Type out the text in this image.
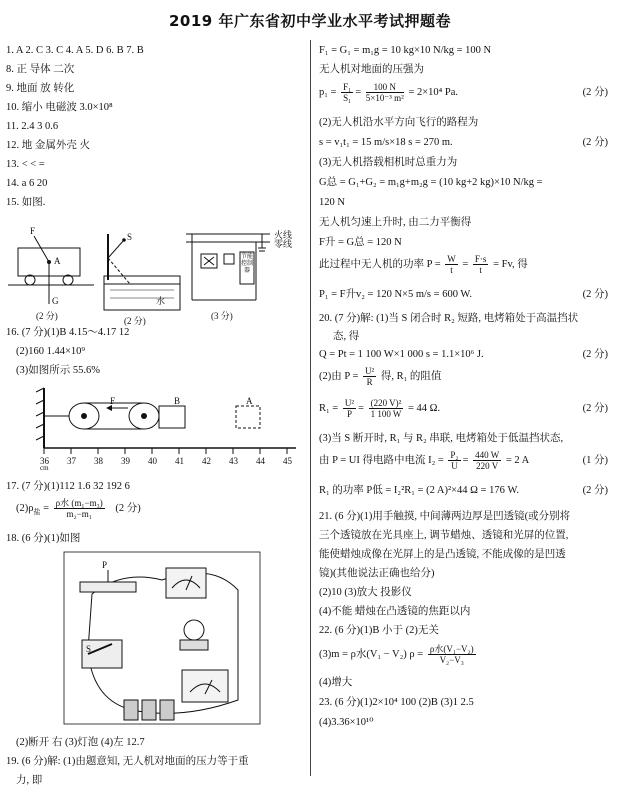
2019 年广东省初中学业水平考试押题卷
1. A 2. C 3. C 4. A 5. D 6. B 7. B
8. 正 导体 二次
9. 地面 放 转化
10. 缩小 电磁波 3.0×10⁸
11. 2.4 3 0.6
12. 地 金属外壳 火
13. < < =
14. a 6 20
15. 如图.
F
A
G
S
水
火线
零线
节能控制器
(2 分)	(2 分)	(3 分)
16. (7 分)(1)B 4.15～4.17 12
(2)160 1.44×10⁹
(3)如图所示 55.6%
F	B	A
36 37 38 39 40 41 42 43 44 45
cm
17. (7 分)(1)112 1.6 32 192 6
$(2)\rho_盐 = \frac{\text{ρ水 (m₁−m₃)}}{\text{m₂−m₁}} (2$ 分)
18. (6 分)(1)如图
P
S
(2)断开 右 (3)灯泡 (4)左 12.7
19. (6 分)解: (1)由题意知, 无人机对地面的压力等于重
力, 即
F₁ = G₁ = m₁g = 10 kg×10 N/kg = 100 N
无人机对地面的压强为
$p_1 = \frac{\text{F₁}}{\text{S₁}} = \frac{100 N}{\text{5×10⁻³ m²}} = 2\times 10^4$ Pa.	(2 分)
(2)无人机沿水平方向飞行的路程为
s = v₁t₁ = 15 m/s×18 s = 270 m.	(2 分)
(3)无人机搭载相机时总重力为
G总 = G₁+G₂ = m₁g+m₂g = (10 kg+2 kg)×10 N/kg =
120 N
无人机匀速上升时, 由二力平衡得
F升 = G总 = 120 N
此过程中无人机的功率 $P = \frac{W}{t} = \frac{F\cdot s}{t} = Fv$, 得
P₁ = F升v₂ = 120 N×5 m/s = 600 W.	(2 分)
20. (7 分)解: (1)当 S 闭合时 R₂ 短路, 电烤箱处于高温挡状
态, 得
Q = Pt = 1 100 W×1 000 s = 1.1×10⁶ J.	(2 分)
(2)由 $P = \frac{\text{U²}}{R}$ 得, R₁ 的阻值
$R_1 = \frac{\text{U²}}{P} = \frac{\text{(220 V)²}}{1 100 W} = 44$ Ω.	(2 分)
(3)当 S 断开时, R₁ 与 R₂ 串联, 电烤箱处于低温挡状态,
由 P = UI 得电路中电流 $I_2 = \frac{\text{P₂}}{U} = \frac{440 W}{220 V} = 2$ A	(1 分)
R₁ 的功率 P低 = I₂²R₁ = (2 A)²×44 Ω = 176 W.	(2 分)
21. (6 分)(1)用手触摸, 中间薄两边厚是凹透镜(或分别将
三个透镜放在光具座上, 调节蜡烛、透镜和光屏的位置,
能使蜡烛成像在光屏上的是凸透镜, 不能成像的是凹透
镜)(其他说法正确也给分)
(2)10 (3)放大 投影仪
(4)不能 蜡烛在凸透镜的焦距以内
22. (6 分)(1)B 小于 (2)无关
(3)m = ρ水(V₁ − V₂) $\rho = \frac{\text{ρ水(V₁−V₂)}}{\text{V₂−V₃}}$
(4)增大
23. (6 分)(1)2×10⁴ 100 (2)B (3)1 2.5
(4)3.36×10¹⁰
